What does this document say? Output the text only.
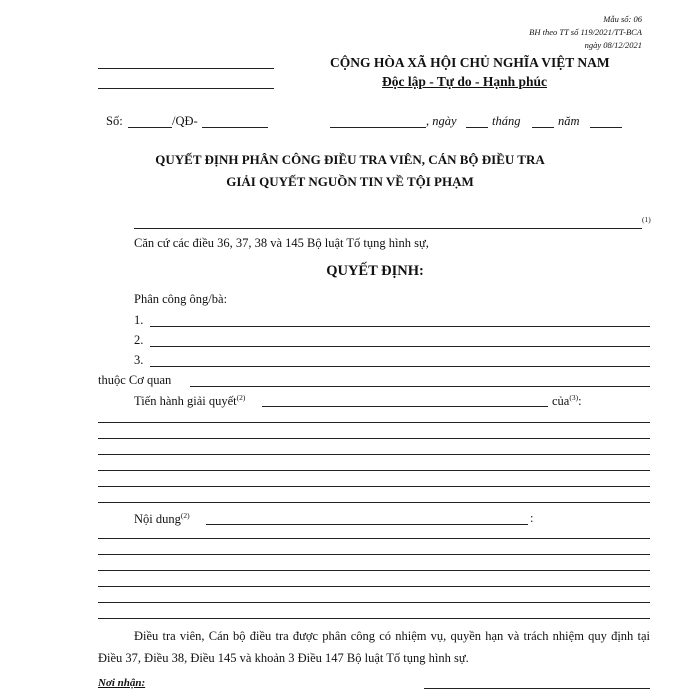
Mẫu số: 06
BH theo TT số 119/2021/TT-BCA
ngày 08/12/2021
CỘNG HÒA XÃ HỘI CHỦ NGHĨA VIỆT NAM
Độc lập - Tự do - Hạnh phúc
Số:	/QĐ-	, ngày	tháng	năm
QUYẾT ĐỊNH PHÂN CÔNG ĐIỀU TRA VIÊN, CÁN BỘ ĐIỀU TRA
GIẢI QUYẾT NGUỒN TIN VỀ TỘI PHẠM
(1)
Căn cứ các điều 36, 37, 38 và 145 Bộ luật Tố tụng hình sự,
QUYẾT ĐỊNH:
Phân công ông/bà:
1.
2.
3.
thuộc Cơ quan
Tiến hành giải quyết$^{(2)}$	của$^{(3)}$:
Nội dung$^{(2)}$	:
Điều tra viên, Cán bộ điều tra được phân công có nhiệm vụ, quyền hạn và trách nhiệm quy định tại Điều 37, Điều 38, Điều 145 và khoản 3 Điều 147 Bộ luật Tố tụng hình sự.
Nơi nhận:
